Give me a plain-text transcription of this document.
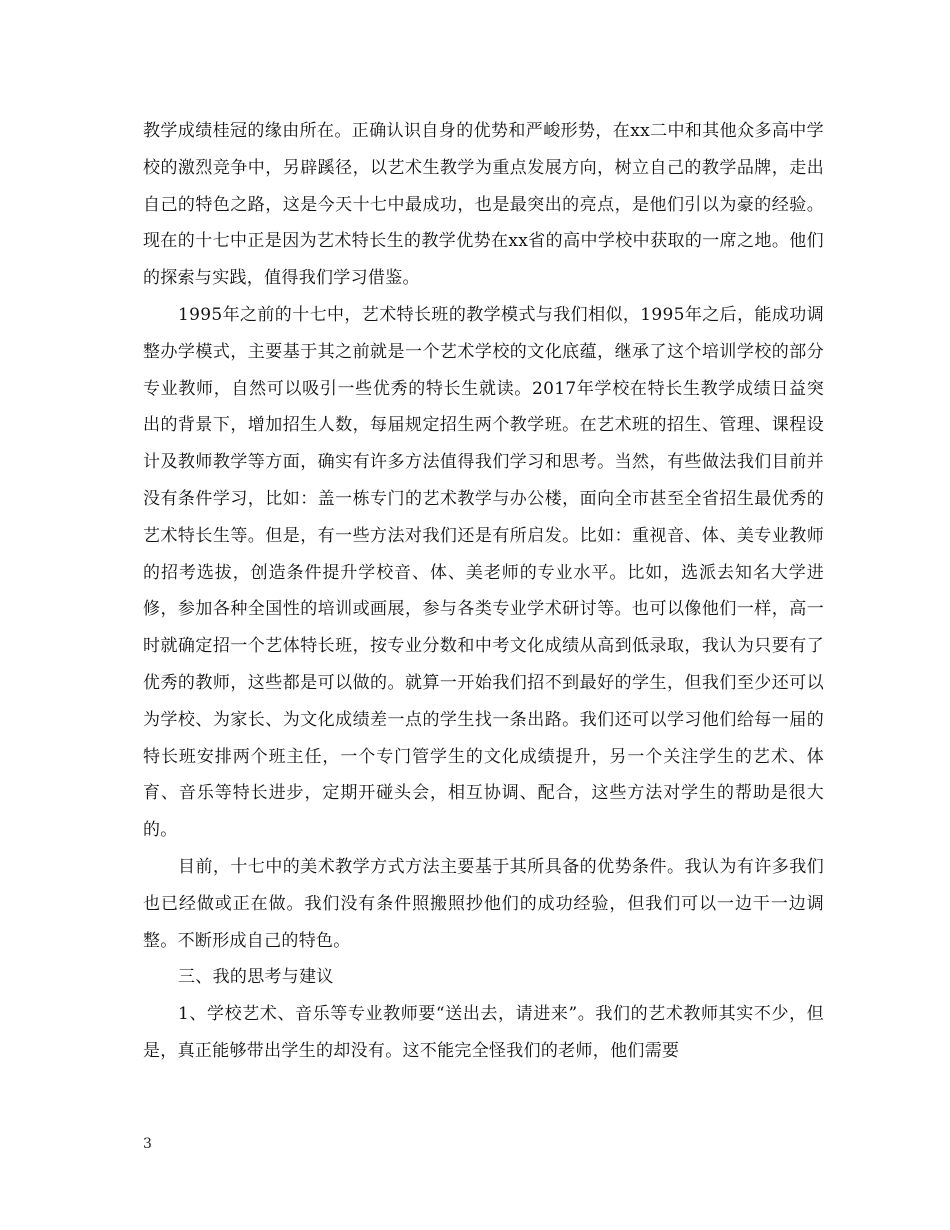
教学成绩桂冠的缘由所在。正确认识自身的优势和严峻形势，在xx二中和其他众多高中学校的激烈竞争中，另辟蹊径，以艺术生教学为重点发展方向，树立自己的教学品牌，走出自己的特色之路，这是今天十七中最成功，也是最突出的亮点，是他们引以为豪的经验。现在的十七中正是因为艺术特长生的教学优势在xx省的高中学校中获取的一席之地。他们的探索与实践，值得我们学习借鉴。

1995年之前的十七中，艺术特长班的教学模式与我们相似，1995年之后，能成功调整办学模式，主要基于其之前就是一个艺术学校的文化底蕴，继承了这个培训学校的部分专业教师，自然可以吸引一些优秀的特长生就读。2017年学校在特长生教学成绩日益突出的背景下，增加招生人数，每届规定招生两个教学班。在艺术班的招生、管理、课程设计及教师教学等方面，确实有许多方法值得我们学习和思考。当然，有些做法我们目前并没有条件学习，比如：盖一栋专门的艺术教学与办公楼，面向全市甚至全省招生最优秀的艺术特长生等。但是，有一些方法对我们还是有所启发。比如：重视音、体、美专业教师的招考选拔，创造条件提升学校音、体、美老师的专业水平。比如，选派去知名大学进修，参加各种全国性的培训或画展，参与各类专业学术研讨等。也可以像他们一样，高一时就确定招一个艺体特长班，按专业分数和中考文化成绩从高到低录取，我认为只要有了优秀的教师，这些都是可以做的。就算一开始我们招不到最好的学生，但我们至少还可以为学校、为家长、为文化成绩差一点的学生找一条出路。我们还可以学习他们给每一届的特长班安排两个班主任，一个专门管学生的文化成绩提升，另一个关注学生的艺术、体育、音乐等特长进步，定期开碰头会，相互协调、配合，这些方法对学生的帮助是很大的。

目前，十七中的美术教学方式方法主要基于其所具备的优势条件。我认为有许多我们也已经做或正在做。我们没有条件照搬照抄他们的成功经验，但我们可以一边干一边调整。不断形成自己的特色。

三、我的思考与建议

1、学校艺术、音乐等专业教师要“送出去，请进来”。我们的艺术教师其实不少，但是，真正能够带出学生的却没有。这不能完全怪我们的老师，他们需要

3
